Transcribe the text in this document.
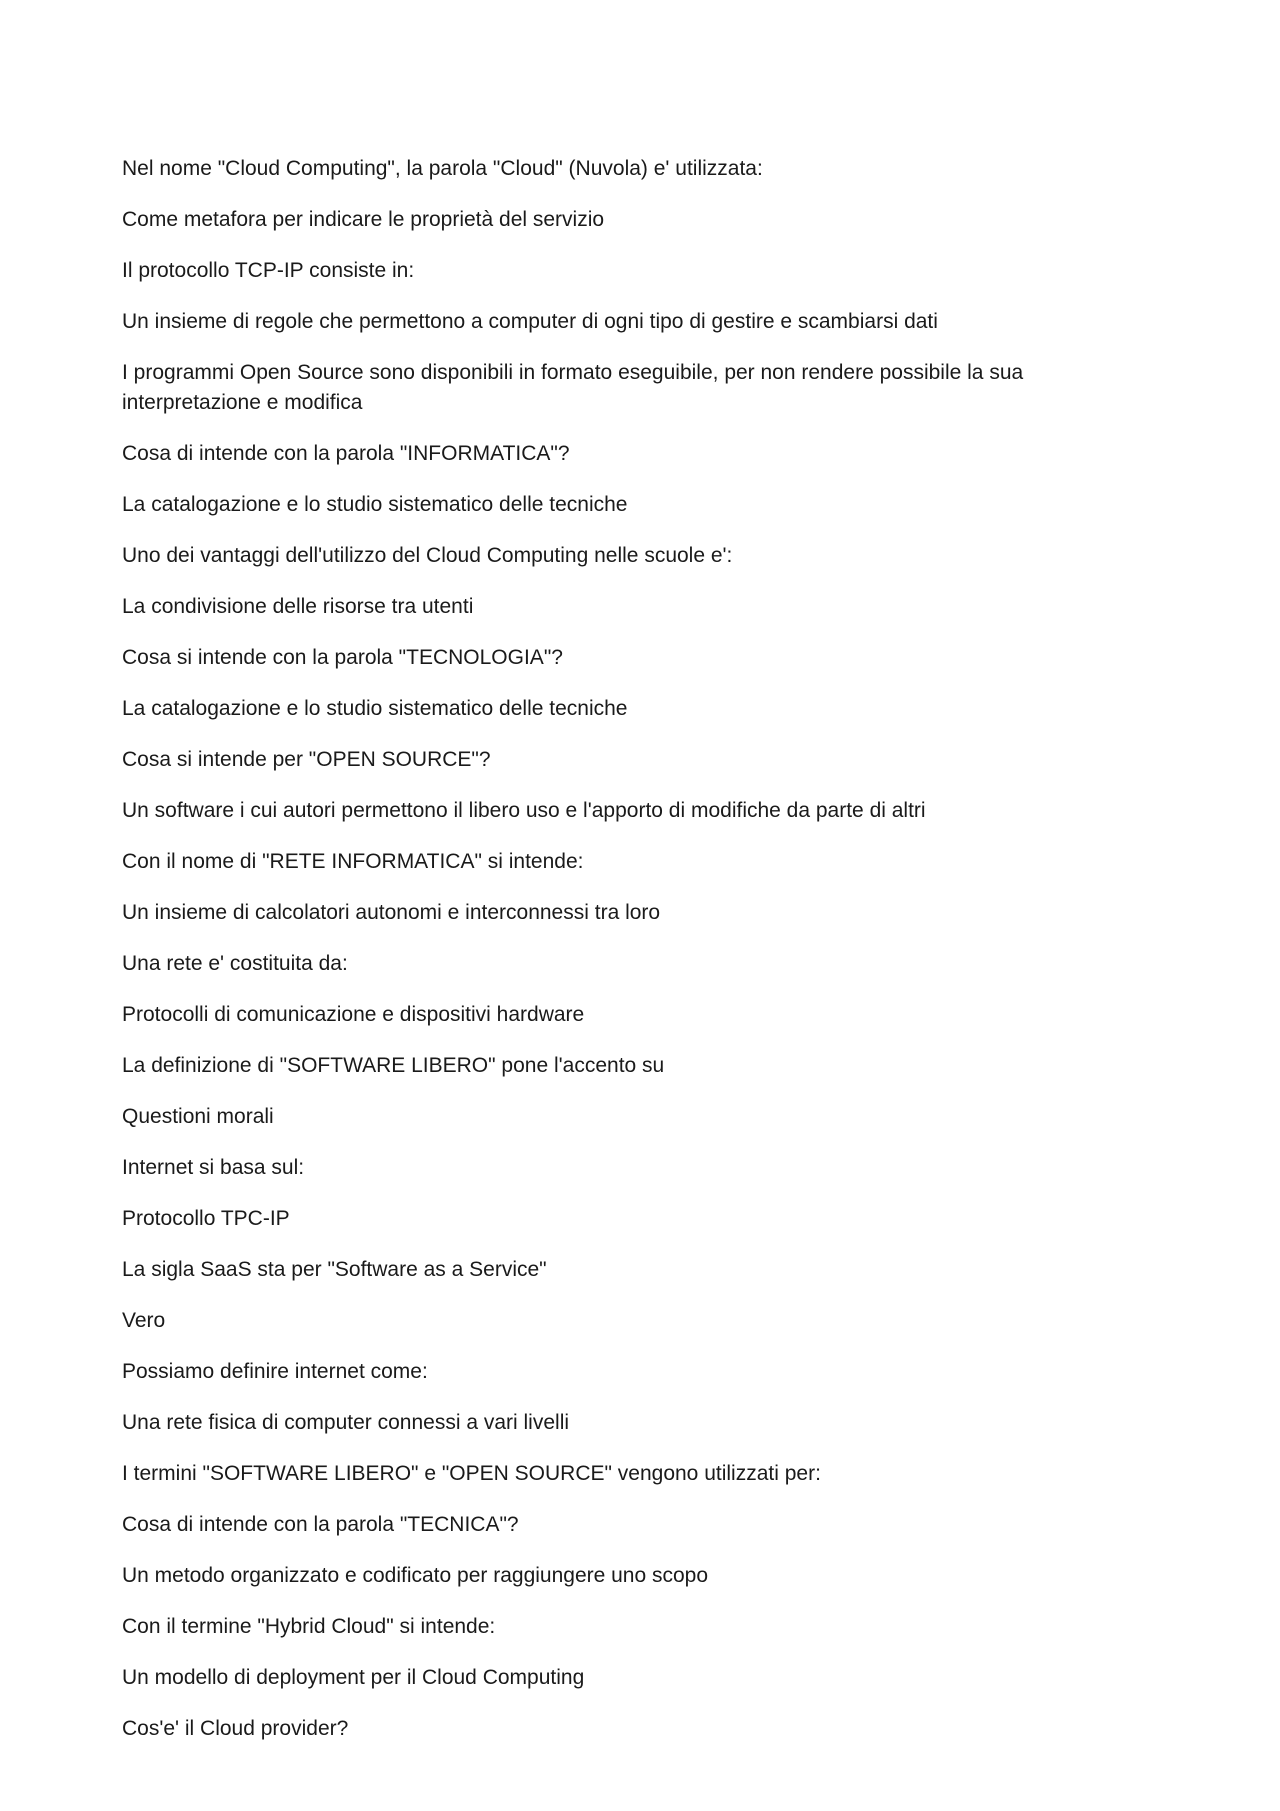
Nel nome "Cloud Computing", la parola "Cloud" (Nuvola) e' utilizzata:

Come metafora per indicare le proprietà del servizio

Il protocollo TCP-IP consiste in:

Un insieme di regole che permettono a computer di ogni tipo di gestire e scambiarsi dati

I programmi Open Source sono disponibili in formato eseguibile, per non rendere possibile la sua interpretazione e modifica

Cosa di intende con la parola "INFORMATICA"?

La catalogazione e lo studio sistematico delle tecniche

Uno dei vantaggi dell'utilizzo del Cloud Computing nelle scuole e':

La condivisione delle risorse tra utenti

Cosa si intende con la parola "TECNOLOGIA"?

La catalogazione e lo studio sistematico delle tecniche

Cosa si intende per "OPEN SOURCE"?

Un software i cui autori permettono il libero uso e l'apporto di modifiche da parte di altri

Con il nome di "RETE INFORMATICA" si intende:

Un insieme di calcolatori autonomi e interconnessi tra loro

Una rete e' costituita da:

Protocolli di comunicazione e dispositivi hardware

La definizione di "SOFTWARE LIBERO" pone l'accento su

Questioni morali

Internet si basa sul:

Protocollo TPC-IP

La sigla SaaS sta per "Software as a Service"

Vero

Possiamo definire internet come:

Una rete fisica di computer connessi a vari livelli

I termini "SOFTWARE LIBERO" e "OPEN SOURCE" vengono utilizzati per:

Cosa di intende con la parola "TECNICA"?

Un metodo organizzato e codificato per raggiungere uno scopo

Con il termine "Hybrid Cloud" si intende:

Un modello di deployment per il Cloud Computing

Cos'e' il Cloud provider?
